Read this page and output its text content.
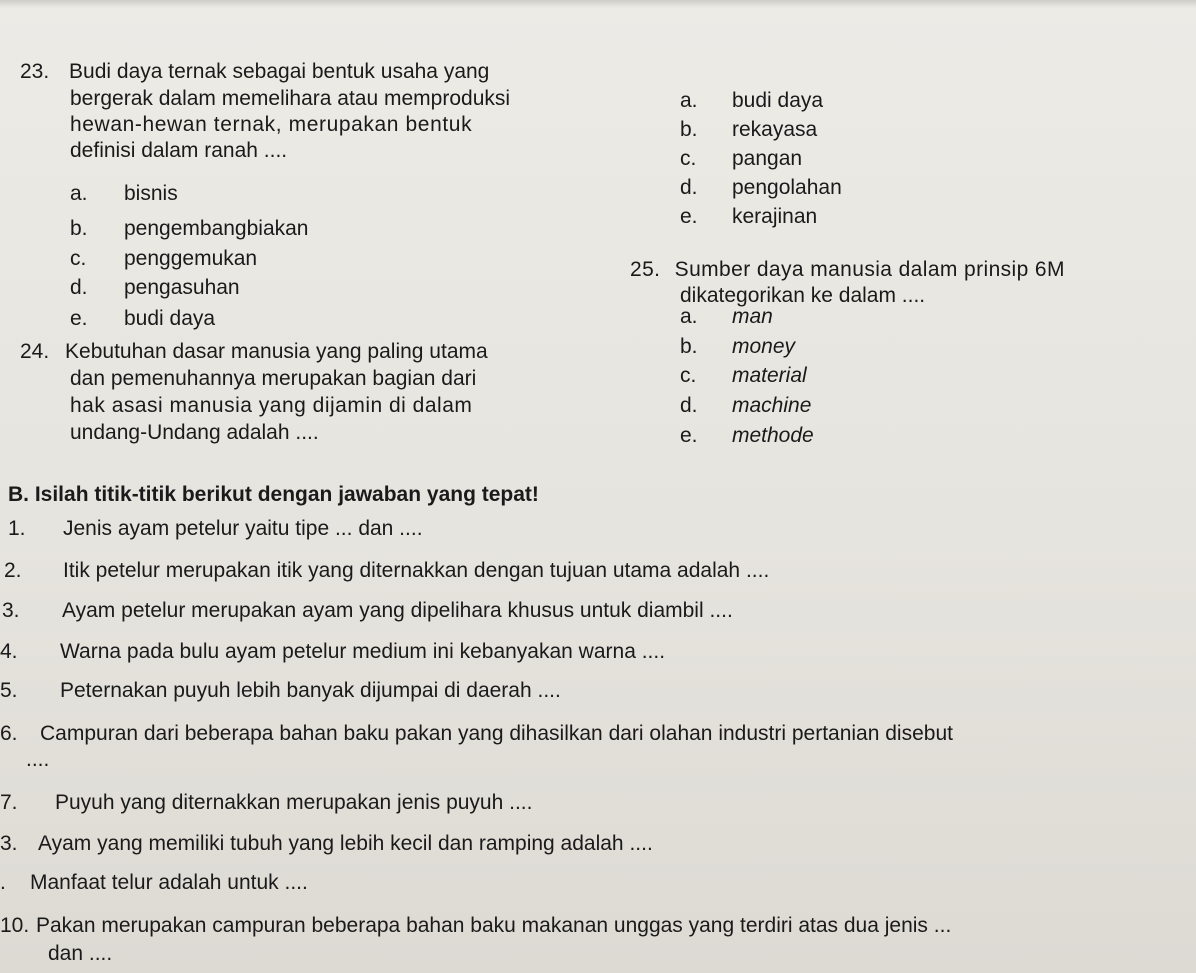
23. Budi daya ternak sebagai bentuk usaha yang
bergerak dalam memelihara atau memproduksi
hewan-hewan ternak, merupakan bentuk
definisi dalam ranah ....
a. bisnis
b. pengembangbiakan
c. penggemukan
d. pengasuhan
e. budi daya
24. Kebutuhan dasar manusia yang paling utama
dan pemenuhannya merupakan bagian dari
hak asasi manusia yang dijamin di dalam
undang-Undang adalah ....
a. budi daya
b. rekayasa
c. pangan
d. pengolahan
e. kerajinan
25. Sumber daya manusia dalam prinsip 6M
dikategorikan ke dalam ....
a. man
b. money
c. material
d. machine
e. methode
B. Isilah titik-titik berikut dengan jawaban yang tepat!
1. Jenis ayam petelur yaitu tipe ... dan ....
2. Itik petelur merupakan itik yang diternakkan dengan tujuan utama adalah ....
3. Ayam petelur merupakan ayam yang dipelihara khusus untuk diambil ....
4. Warna pada bulu ayam petelur medium ini kebanyakan warna ....
5. Peternakan puyuh lebih banyak dijumpai di daerah ....
6. Campuran dari beberapa bahan baku pakan yang dihasilkan dari olahan industri pertanian disebut
....
7. Puyuh yang diternakkan merupakan jenis puyuh ....
3. Ayam yang memiliki tubuh yang lebih kecil dan ramping adalah ....
. Manfaat telur adalah untuk ....
10. Pakan merupakan campuran beberapa bahan baku makanan unggas yang terdiri atas dua jenis ...
dan ....
